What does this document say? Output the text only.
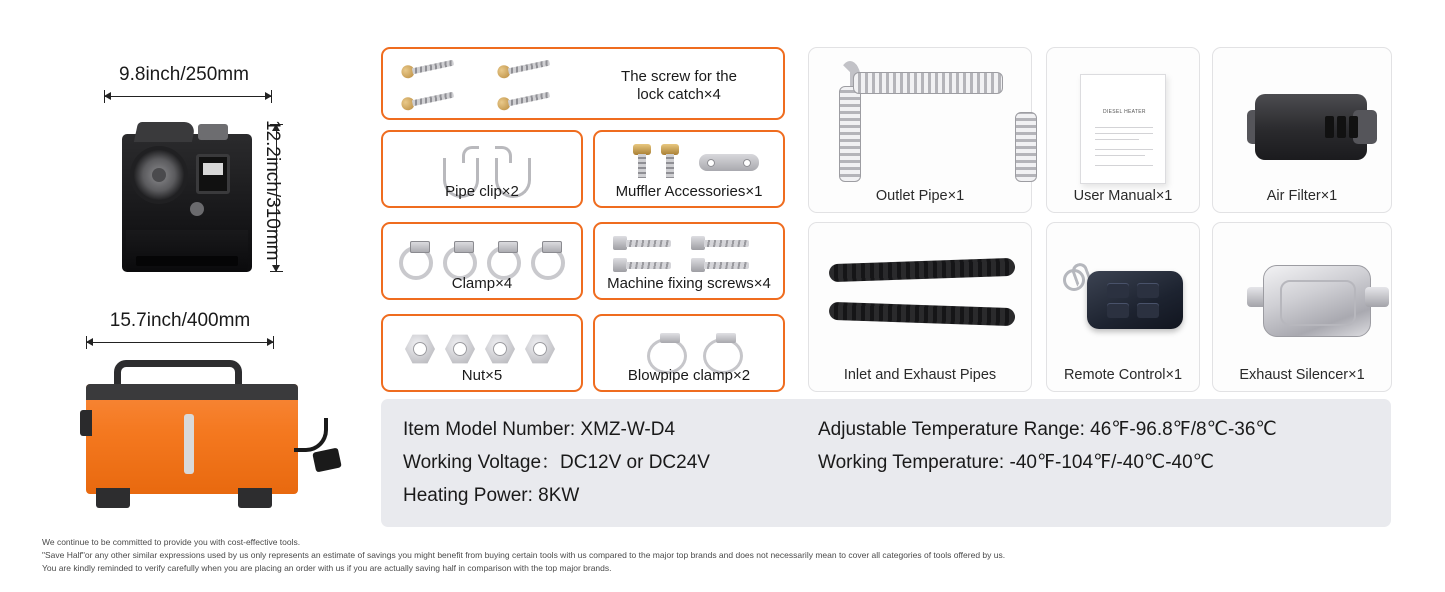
9.8inch/250mm
12.2inch/310mm
15.7inch/400mm
The screw for the
lock catch×4
Pipe clip×2	Muffler Accessories×1
Clamp×4	Machine fixing screws×4
Nut×5	Blowpipe clamp×2
Outlet Pipe×1
DIESEL HEATER
User Manual×1	Air Filter×1
Inlet and Exhaust Pipes	Remote Control×1	Exhaust Silencer×1
Item Model Number: XMZ-W-D4	Adjustable Temperature Range: 46℉-96.8℉/8℃-36℃
Working Voltage：DC12V or DC24V	Working Temperature: -40℉-104℉/-40℃-40℃
Heating Power: 8KW
We continue to be committed to provide you with cost-effective tools.
"Save Half"or any other similar expressions used by us only represents an estimate of savings you might benefit from buying certain tools with us compared to the major top brands and does not necessarily mean to cover all categories of tools offered by us.
You are kindly reminded to verify carefully when you are placing an order with us if you are actually saving half in comparison with the top major brands.
